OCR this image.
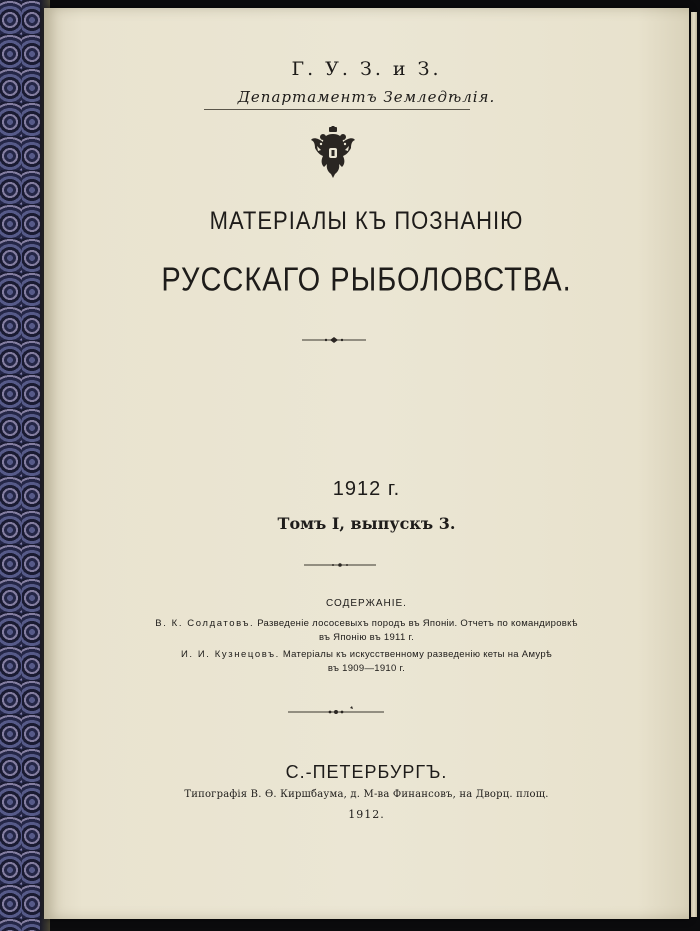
Г. У. З. и З.
Департаментъ Земледѣлія.
МАТЕРІАЛЫ КЪ ПОЗНАНІЮ
РУССКАГО РЫБОЛОВСТВА.
1912 г.
Томъ I, выпускъ 3.
СОДЕРЖАНІЕ.
В. К. Солдатовъ. Разведеніе лососевыхъ породъ въ Японіи. Отчетъ по командировкѣ
въ Японію въ 1911 г.
И. И. Кузнецовъ. Матеріалы къ искусственному разведенію кеты на Амурѣ
въ 1909—1910 г.
С.-ПЕТЕРБУРГЪ.
Типографія В. Ѳ. Киршбаума, д. М-ва Финансовъ, на Дворц. площ.
1912.
